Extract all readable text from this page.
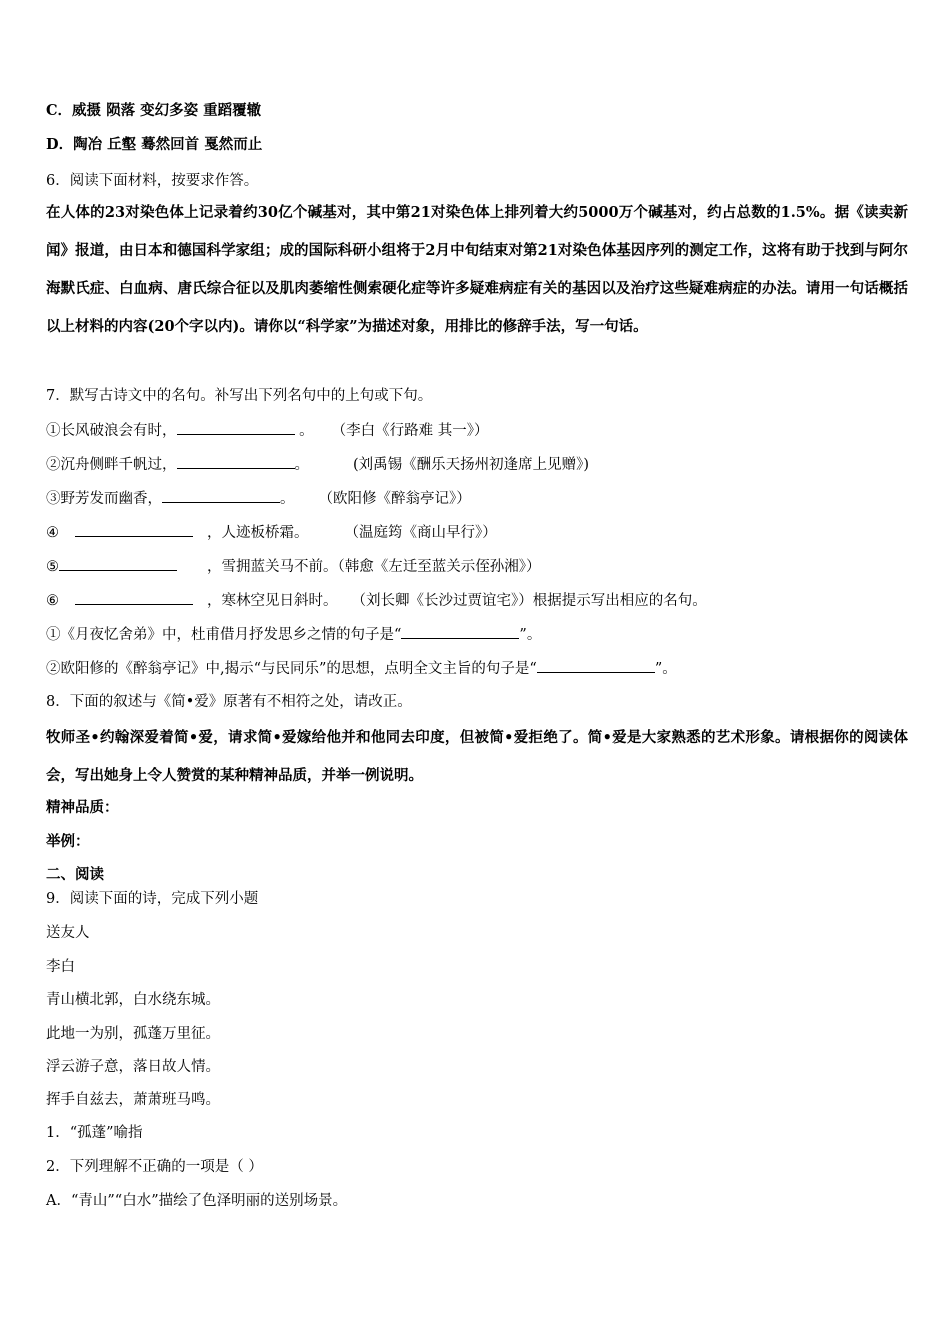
C．威摄 陨落 变幻多姿 重蹈覆辙
D．陶冶 丘壑 蓦然回首 戛然而止
6．阅读下面材料，按要求作答。
在人体的23对染色体上记录着约30亿个碱基对，其中第21对染色体上排列着大约5000万个碱基对，约占总数的1.5%。据《读卖新闻》报道，由日本和德国科学家组；成的国际科研小组将于2月中旬结束对第21对染色体基因序列的测定工作，这将有助于找到与阿尔海默氏症、白血病、唐氏综合征以及肌肉萎缩性侧索硬化症等许多疑难病症有关的基因以及治疗这些疑难病症的办法。请用一句话概括以上材料的内容(20个字以内)。请你以“科学家”为描述对象，用排比的修辞手法，写一句话。
7．默写古诗文中的名句。补写出下列名句中的上句或下句。
①长风破浪会有时，	。 （李白《行路难 其一》）
②沉舟侧畔千帆过，	。	(刘禹锡《酬乐天扬州初逢席上见赠》)
③野芳发而幽香，	。 （欧阳修《醉翁亭记》）
④	，人迹板桥霜。 （温庭筠《商山早行》）
⑤	，雪拥蓝关马不前。（韩愈《左迁至蓝关示侄孙湘》）
⑥	，寒林空见日斜时。 （刘长卿《长沙过贾谊宅》）根据提示写出相应的名句。
①《月夜忆舍弟》中，杜甫借月抒发思乡之情的句子是“	”。
②欧阳修的《醉翁亭记》中,揭示“与民同乐”的思想，点明全文主旨的句子是“	”。
8．下面的叙述与《简•爱》原著有不相符之处，请改正。
牧师圣•约翰深爱着简•爱，请求简•爱嫁给他并和他同去印度，但被简•爱拒绝了。简•爱是大家熟悉的艺术形象。请根据你的阅读体会，写出她身上令人赞赏的某种精神品质，并举一例说明。
精神品质：
举例：
二、阅读
9．阅读下面的诗，完成下列小题
送友人
李白
青山横北郭，白水绕东城。
此地一为别，孤蓬万里征。
浮云游子意，落日故人情。
挥手自兹去，萧萧班马鸣。
1．“孤蓬”喻指
2．下列理解不正确的一项是（ ）
A．“青山”“白水”描绘了色泽明丽的送别场景。
